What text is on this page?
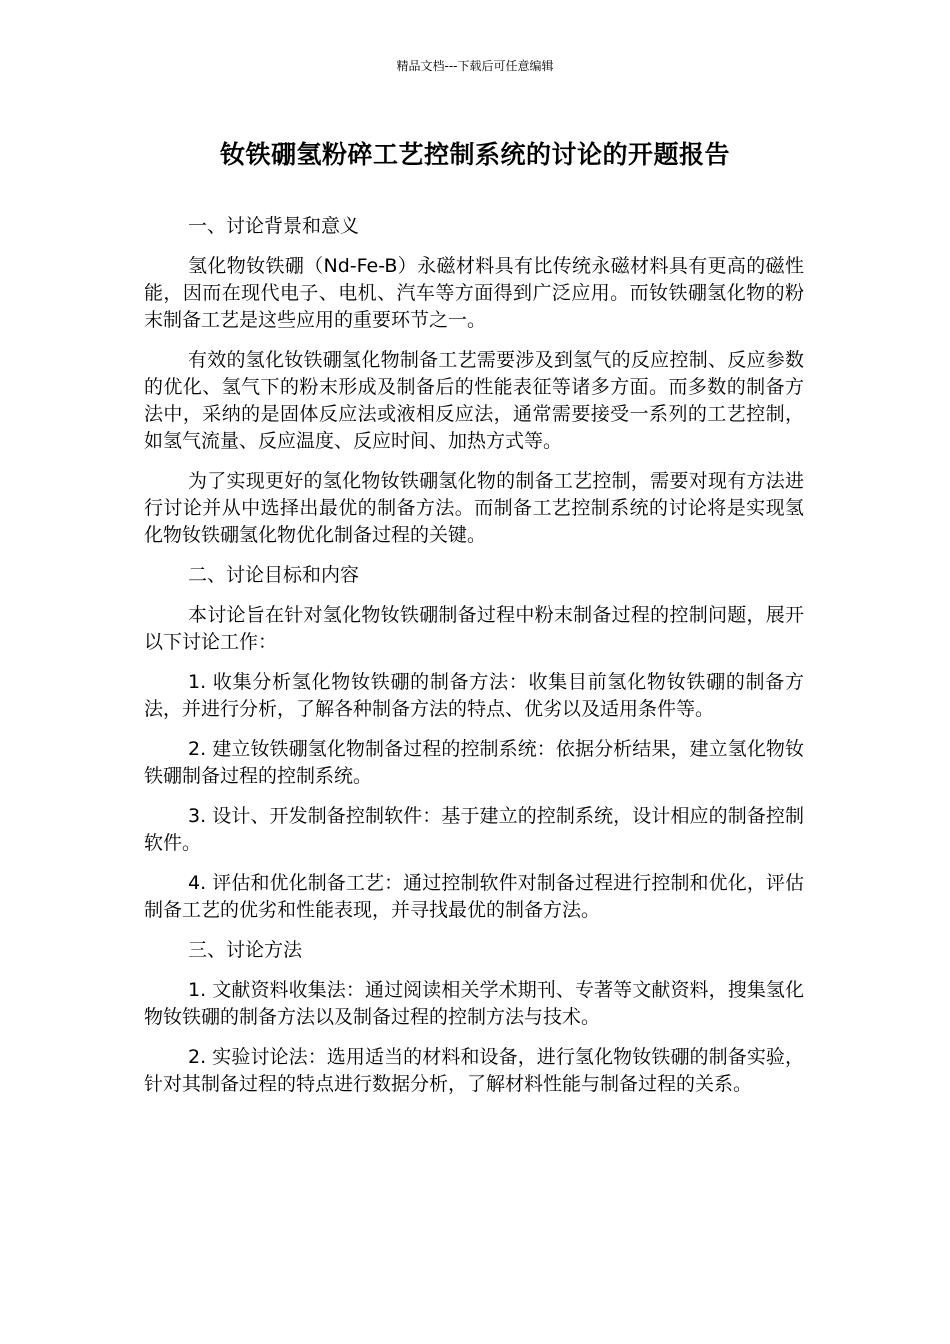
精品文档---下载后可任意编辑
钕铁硼氢粉碎工艺控制系统的讨论的开题报告

一、讨论背景和意义

氢化物钕铁硼（Nd-Fe-B）永磁材料具有比传统永磁材料具有更高的磁性能，因而在现代电子、电机、汽车等方面得到广泛应用。而钕铁硼氢化物的粉末制备工艺是这些应用的重要环节之一。

有效的氢化钕铁硼氢化物制备工艺需要涉及到氢气的反应控制、反应参数的优化、氢气下的粉末形成及制备后的性能表征等诸多方面。而多数的制备方法中，采纳的是固体反应法或液相反应法，通常需要接受一系列的工艺控制，如氢气流量、反应温度、反应时间、加热方式等。

为了实现更好的氢化物钕铁硼氢化物的制备工艺控制，需要对现有方法进行讨论并从中选择出最优的制备方法。而制备工艺控制系统的讨论将是实现氢化物钕铁硼氢化物优化制备过程的关键。

二、讨论目标和内容

本讨论旨在针对氢化物钕铁硼制备过程中粉末制备过程的控制问题，展开以下讨论工作：

1. 收集分析氢化物钕铁硼的制备方法：收集目前氢化物钕铁硼的制备方法，并进行分析，了解各种制备方法的特点、优劣以及适用条件等。

2. 建立钕铁硼氢化物制备过程的控制系统：依据分析结果，建立氢化物钕铁硼制备过程的控制系统。

3. 设计、开发制备控制软件：基于建立的控制系统，设计相应的制备控制软件。

4. 评估和优化制备工艺：通过控制软件对制备过程进行控制和优化，评估制备工艺的优劣和性能表现，并寻找最优的制备方法。

三、讨论方法

1. 文献资料收集法：通过阅读相关学术期刊、专著等文献资料，搜集氢化物钕铁硼的制备方法以及制备过程的控制方法与技术。

2. 实验讨论法：选用适当的材料和设备，进行氢化物钕铁硼的制备实验，针对其制备过程的特点进行数据分析，了解材料性能与制备过程的关系。
